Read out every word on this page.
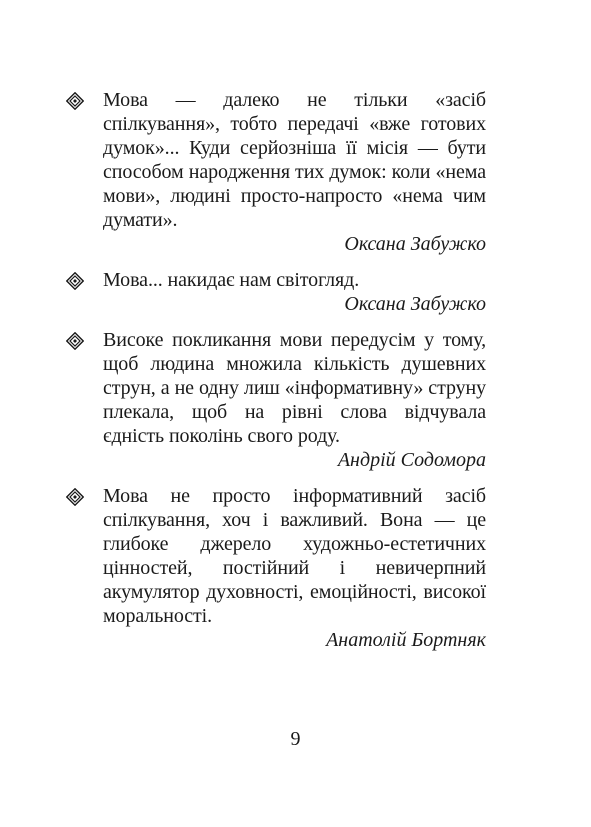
Мова — далеко не тільки «засіб спілкування», тобто передачі «вже готових думок»... Куди серйозніша її місія — бути способом народження тих думок: коли «нема мови», людині просто-напросто «нема чим думати».
Оксана Забужко
Мова... накидає нам світогляд.
Оксана Забужко
Високе покликання мови передусім у тому, щоб людина множила кількість душевних струн, а не одну лиш «інформативну» струну плекала, щоб на рівні слова відчувала єдність поколінь свого роду.
Андрій Содомора
Мова не просто інформативний засіб спілкування, хоч і важливий. Вона — це глибоке джерело художньо-естетичних цінностей, постійний і невичерпний акумулятор духовності, емоційності, високої моральності.
Анатолій Бортняк
9
